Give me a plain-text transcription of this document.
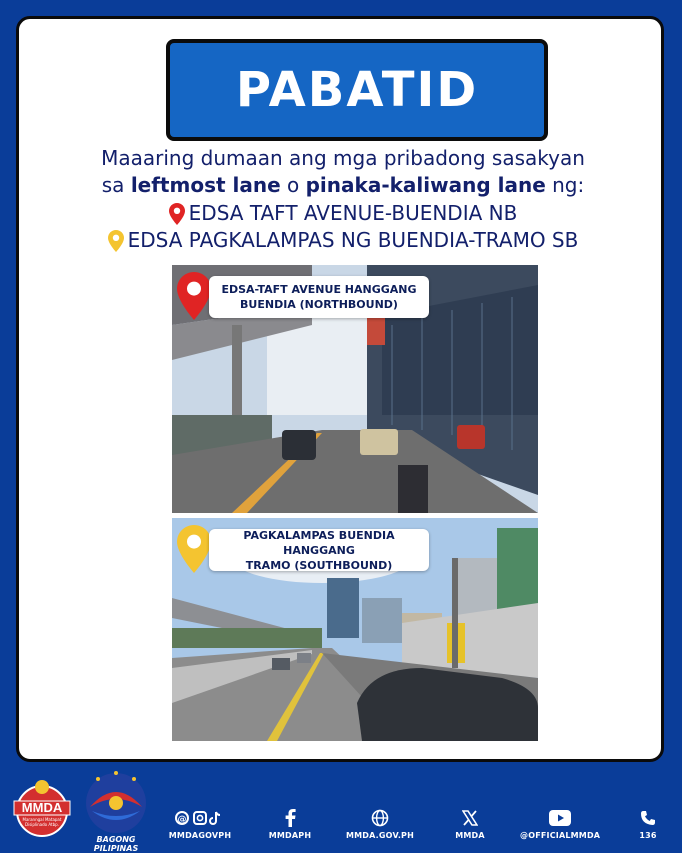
PABATID
Maaaring dumaan ang mga pribadong sasakyan
sa leftmost lane o pinaka-kaliwang lane ng:
EDSA TAFT AVENUE-BUENDIA NB
EDSA PAGKALAMPAS NG BUENDIA-TRAMO SB
EDSA-TAFT AVENUE HANGGANG
BUENDIA (NORTHBOUND)
PAGKALAMPAS BUENDIA HANGGANG
TRAMO (SOUTHBOUND)
MMDA
Maranngal Matapat Disiplinado Atbp.
BAGONG PILIPINAS
@
MMDAGOVPH	MMDAPH	MMDA.GOV.PH	MMDA	@OFFICIALMMDA	136
